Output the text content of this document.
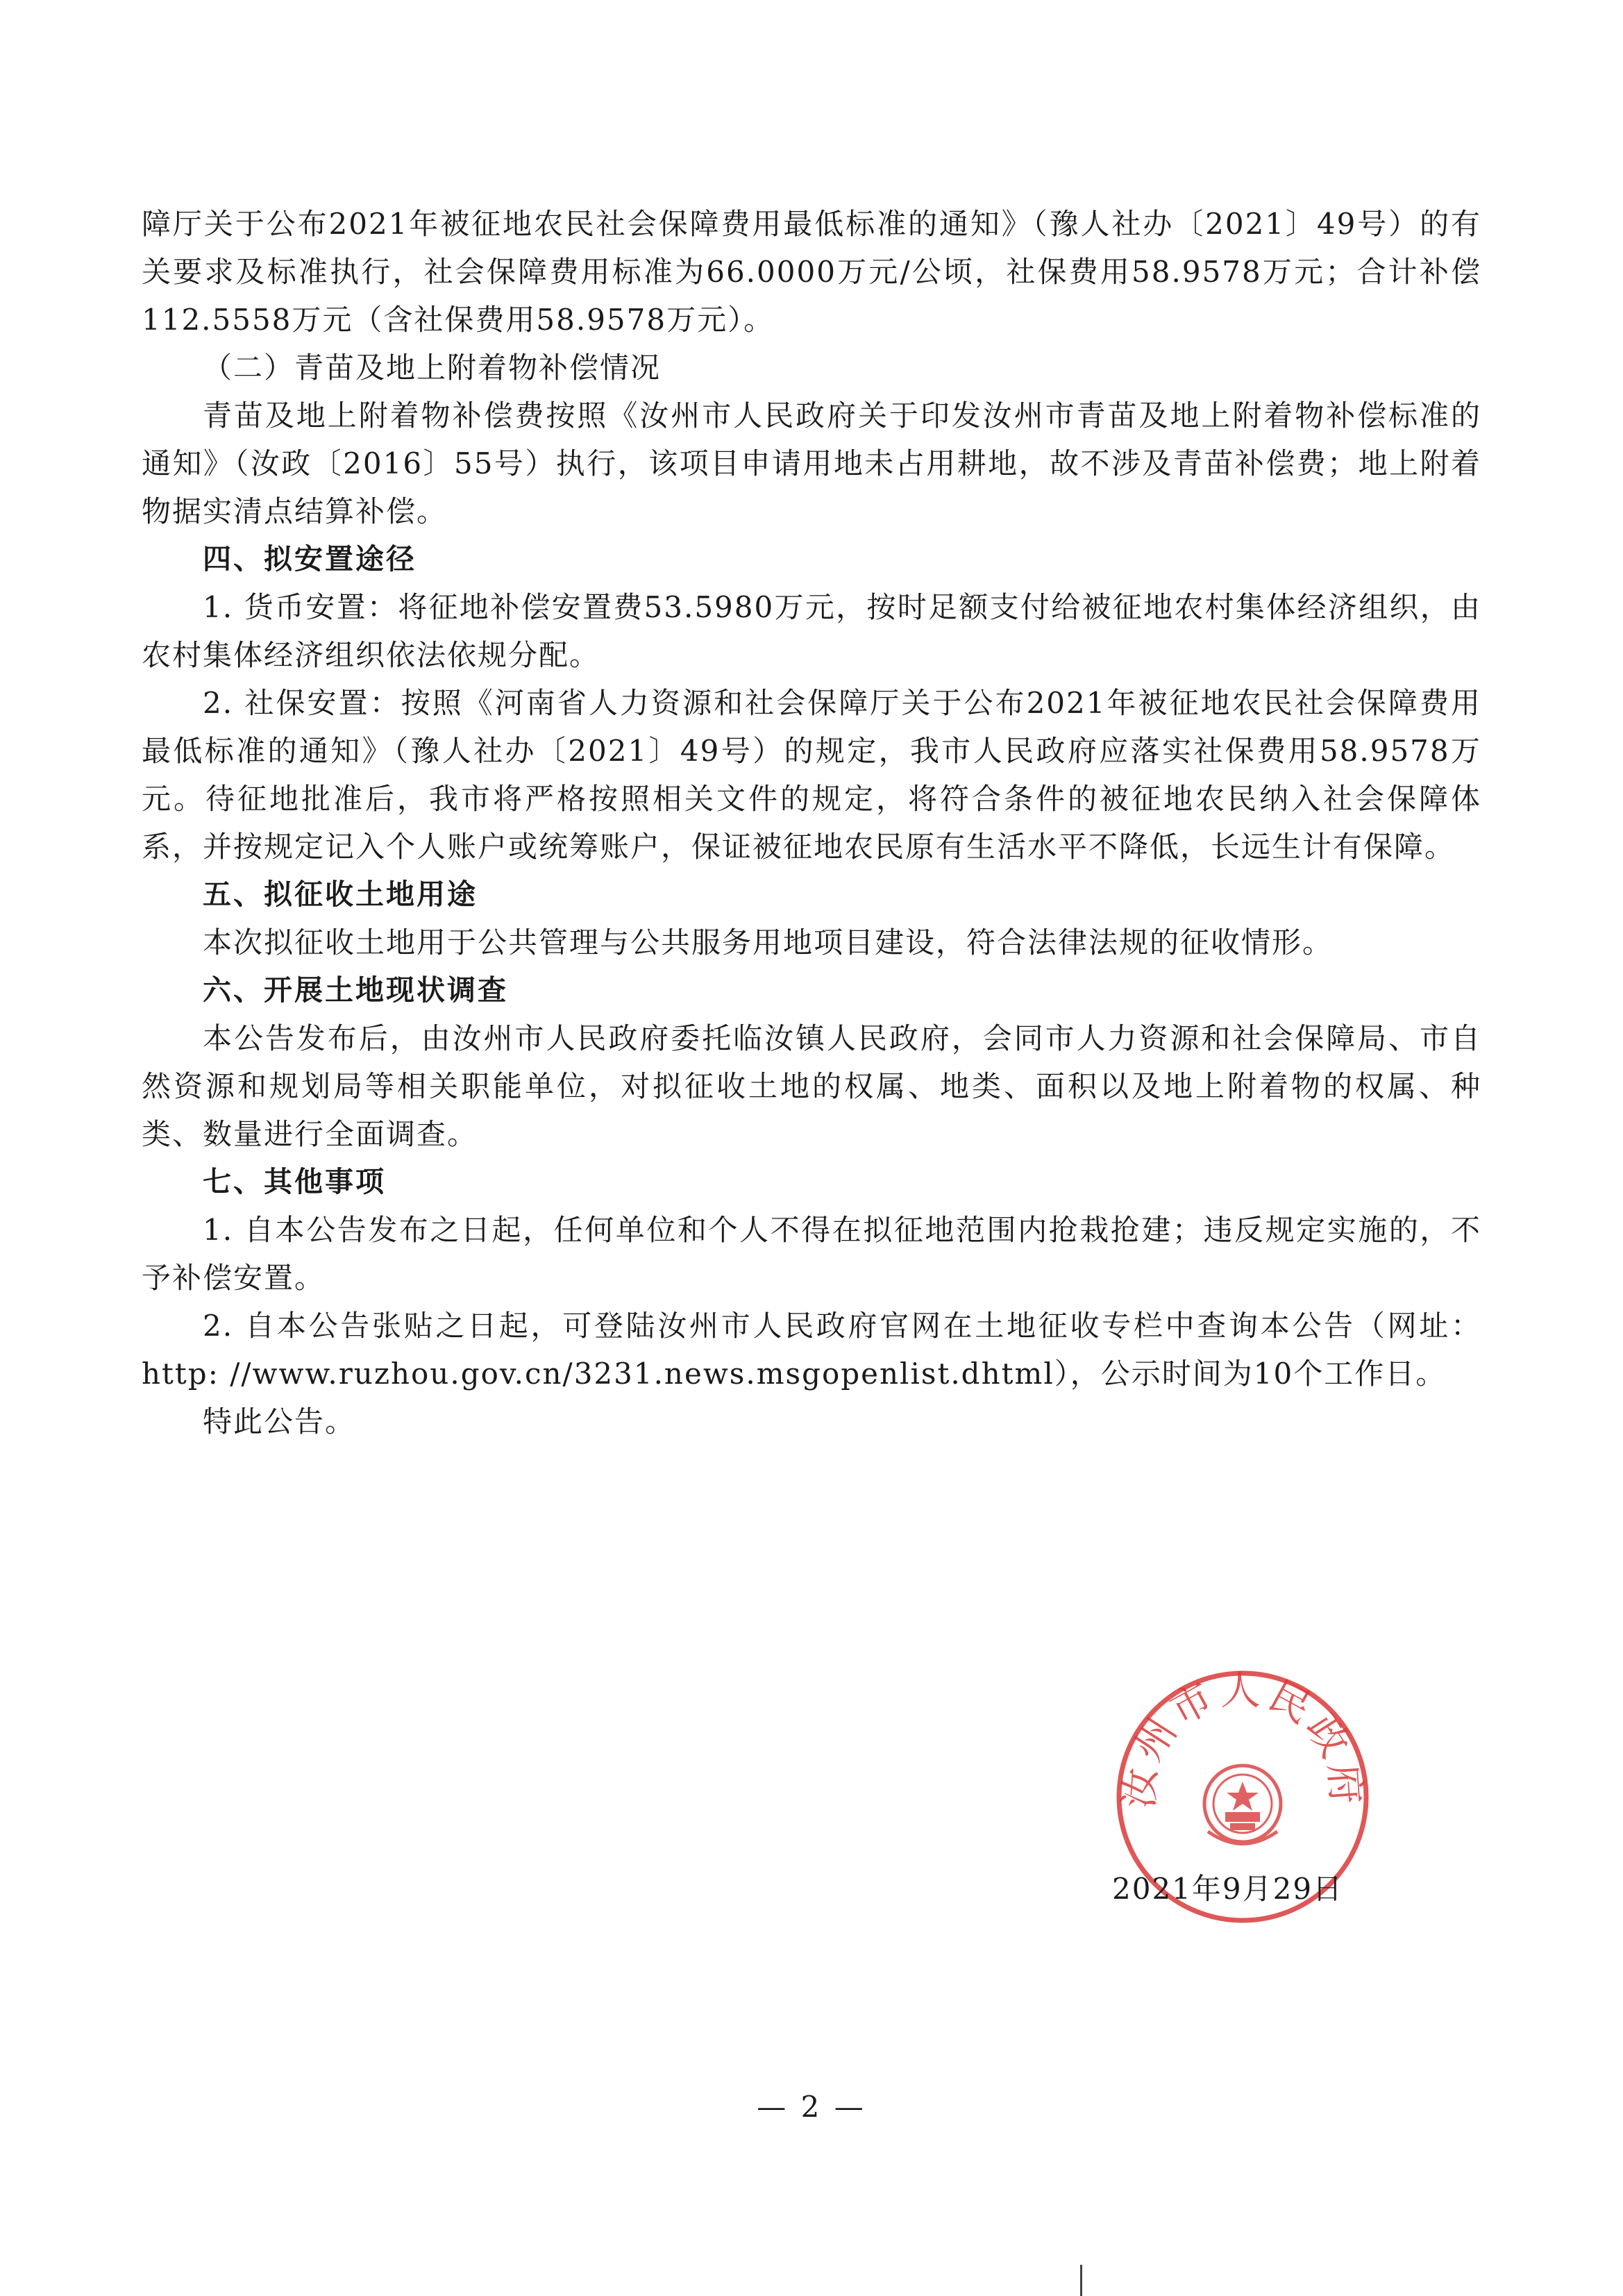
障厅关于公布2021年被征地农民社会保障费用最低标准的通知》（豫人社办〔2021〕49号）的有关要求及标准执行，社会保障费用标准为66.0000万元/公顷，社保费用58.9578万元；合计补偿112.5558万元（含社保费用58.9578万元）。

（二）青苗及地上附着物补偿情况

青苗及地上附着物补偿费按照《汝州市人民政府关于印发汝州市青苗及地上附着物补偿标准的通知》（汝政〔2016〕55号）执行，该项目申请用地未占用耕地，故不涉及青苗补偿费；地上附着物据实清点结算补偿。

四、拟安置途径

1. 货币安置：将征地补偿安置费53.5980万元，按时足额支付给被征地农村集体经济组织，由农村集体经济组织依法依规分配。

2. 社保安置：按照《河南省人力资源和社会保障厅关于公布2021年被征地农民社会保障费用最低标准的通知》（豫人社办〔2021〕49号）的规定，我市人民政府应落实社保费用58.9578万元。待征地批准后，我市将严格按照相关文件的规定，将符合条件的被征地农民纳入社会保障体系，并按规定记入个人账户或统筹账户，保证被征地农民原有生活水平不降低，长远生计有保障。

五、拟征收土地用途

本次拟征收土地用于公共管理与公共服务用地项目建设，符合法律法规的征收情形。

六、开展土地现状调查

本公告发布后，由汝州市人民政府委托临汝镇人民政府，会同市人力资源和社会保障局、市自然资源和规划局等相关职能单位，对拟征收土地的权属、地类、面积以及地上附着物的权属、种类、数量进行全面调查。

七、其他事项

1. 自本公告发布之日起，任何单位和个人不得在拟征地范围内抢栽抢建；违反规定实施的，不予补偿安置。

2. 自本公告张贴之日起，可登陆汝州市人民政府官网在土地征收专栏中查询本公告（网址：http: //www.ruzhou.gov.cn/3231.news.msgopenlist.dhtml），公示时间为10个工作日。

特此公告。

汝州市人民政府
2021年9月29日
— 2 —
